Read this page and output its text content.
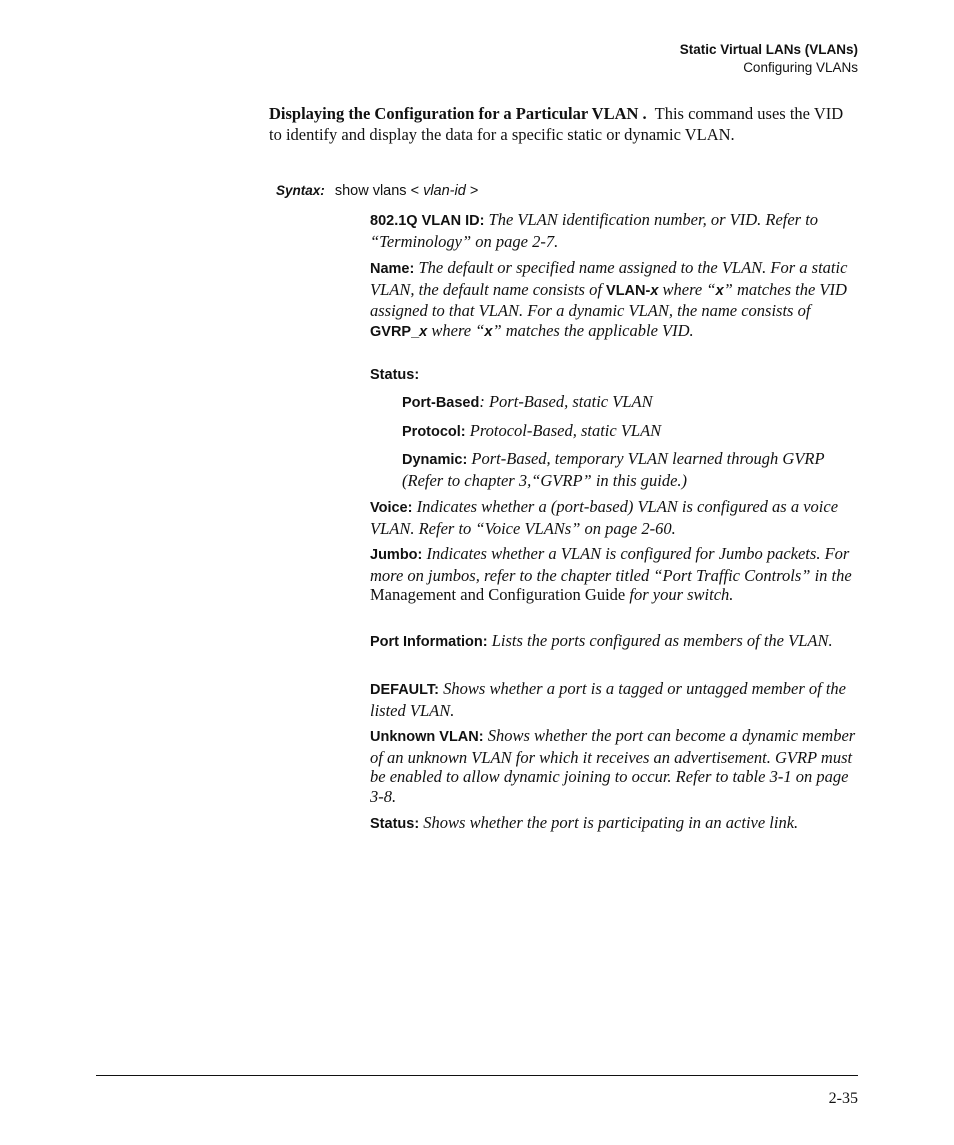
Static Virtual LANs (VLANs)
Configuring VLANs
Displaying the Configuration for a Particular VLAN . This command uses the VID to identify and display the data for a specific static or dynamic VLAN.
Syntax: show vlans < vlan-id >
802.1Q VLAN ID: The VLAN identification number, or VID. Refer to “Terminology” on page 2-7.
Name: The default or specified name assigned to the VLAN. For a static VLAN, the default name consists of VLAN-x where “x” matches the VID assigned to that VLAN. For a dynamic VLAN, the name consists of GVRP_x where “x” matches the applicable VID.
Status:
Port-Based: Port-Based, static VLAN
Protocol: Protocol-Based, static VLAN
Dynamic: Port-Based, temporary VLAN learned through GVRP (Refer to chapter 3,“GVRP” in this guide.)
Voice: Indicates whether a (port-based) VLAN is configured as a voice VLAN. Refer to “Voice VLANs” on page 2-60.
Jumbo: Indicates whether a VLAN is configured for Jumbo packets. For more on jumbos, refer to the chapter titled “Port Traffic Controls” in the Management and Configuration Guide for your switch.
Port Information: Lists the ports configured as members of the VLAN.
DEFAULT: Shows whether a port is a tagged or untagged member of the listed VLAN.
Unknown VLAN: Shows whether the port can become a dynamic member of an unknown VLAN for which it receives an advertisement. GVRP must be enabled to allow dynamic joining to occur. Refer to table 3-1 on page 3-8.
Status: Shows whether the port is participating in an active link.
2-35
